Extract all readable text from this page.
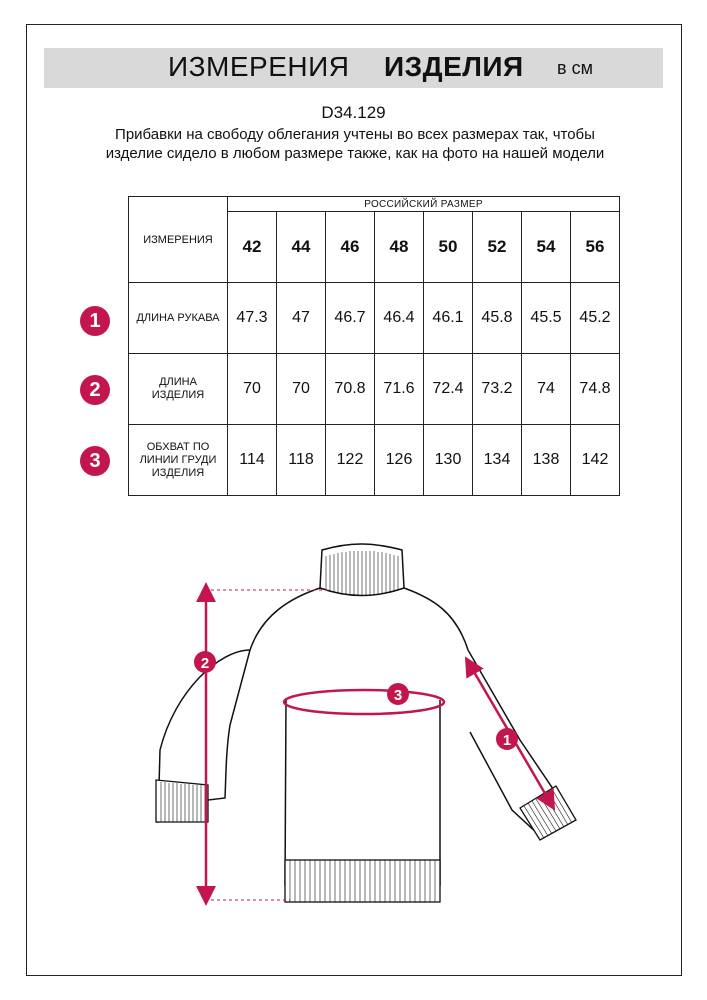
ИЗМЕРЕНИЯ ИЗДЕЛИЯ в см
D34.129
Прибавки на свободу облегания учтены во всех размерах так, чтобы изделие сидело в любом размере также, как на фото на нашей модели
ИЗМЕРЕНИЯ	РОССИЙСКИЙ РАЗМЕР							
	42	44	46	48	50	52	54	56
ДЛИНА РУКАВА	47.3	47	46.7	46.4	46.1	45.8	45.5	45.2
ДЛИНА ИЗДЕЛИЯ	70	70	70.8	71.6	72.4	73.2	74	74.8
ОБХВАТ ПО ЛИНИИ ГРУДИ ИЗДЕЛИЯ	114	118	122	126	130	134	138	142
1
2
3
2
3
1
